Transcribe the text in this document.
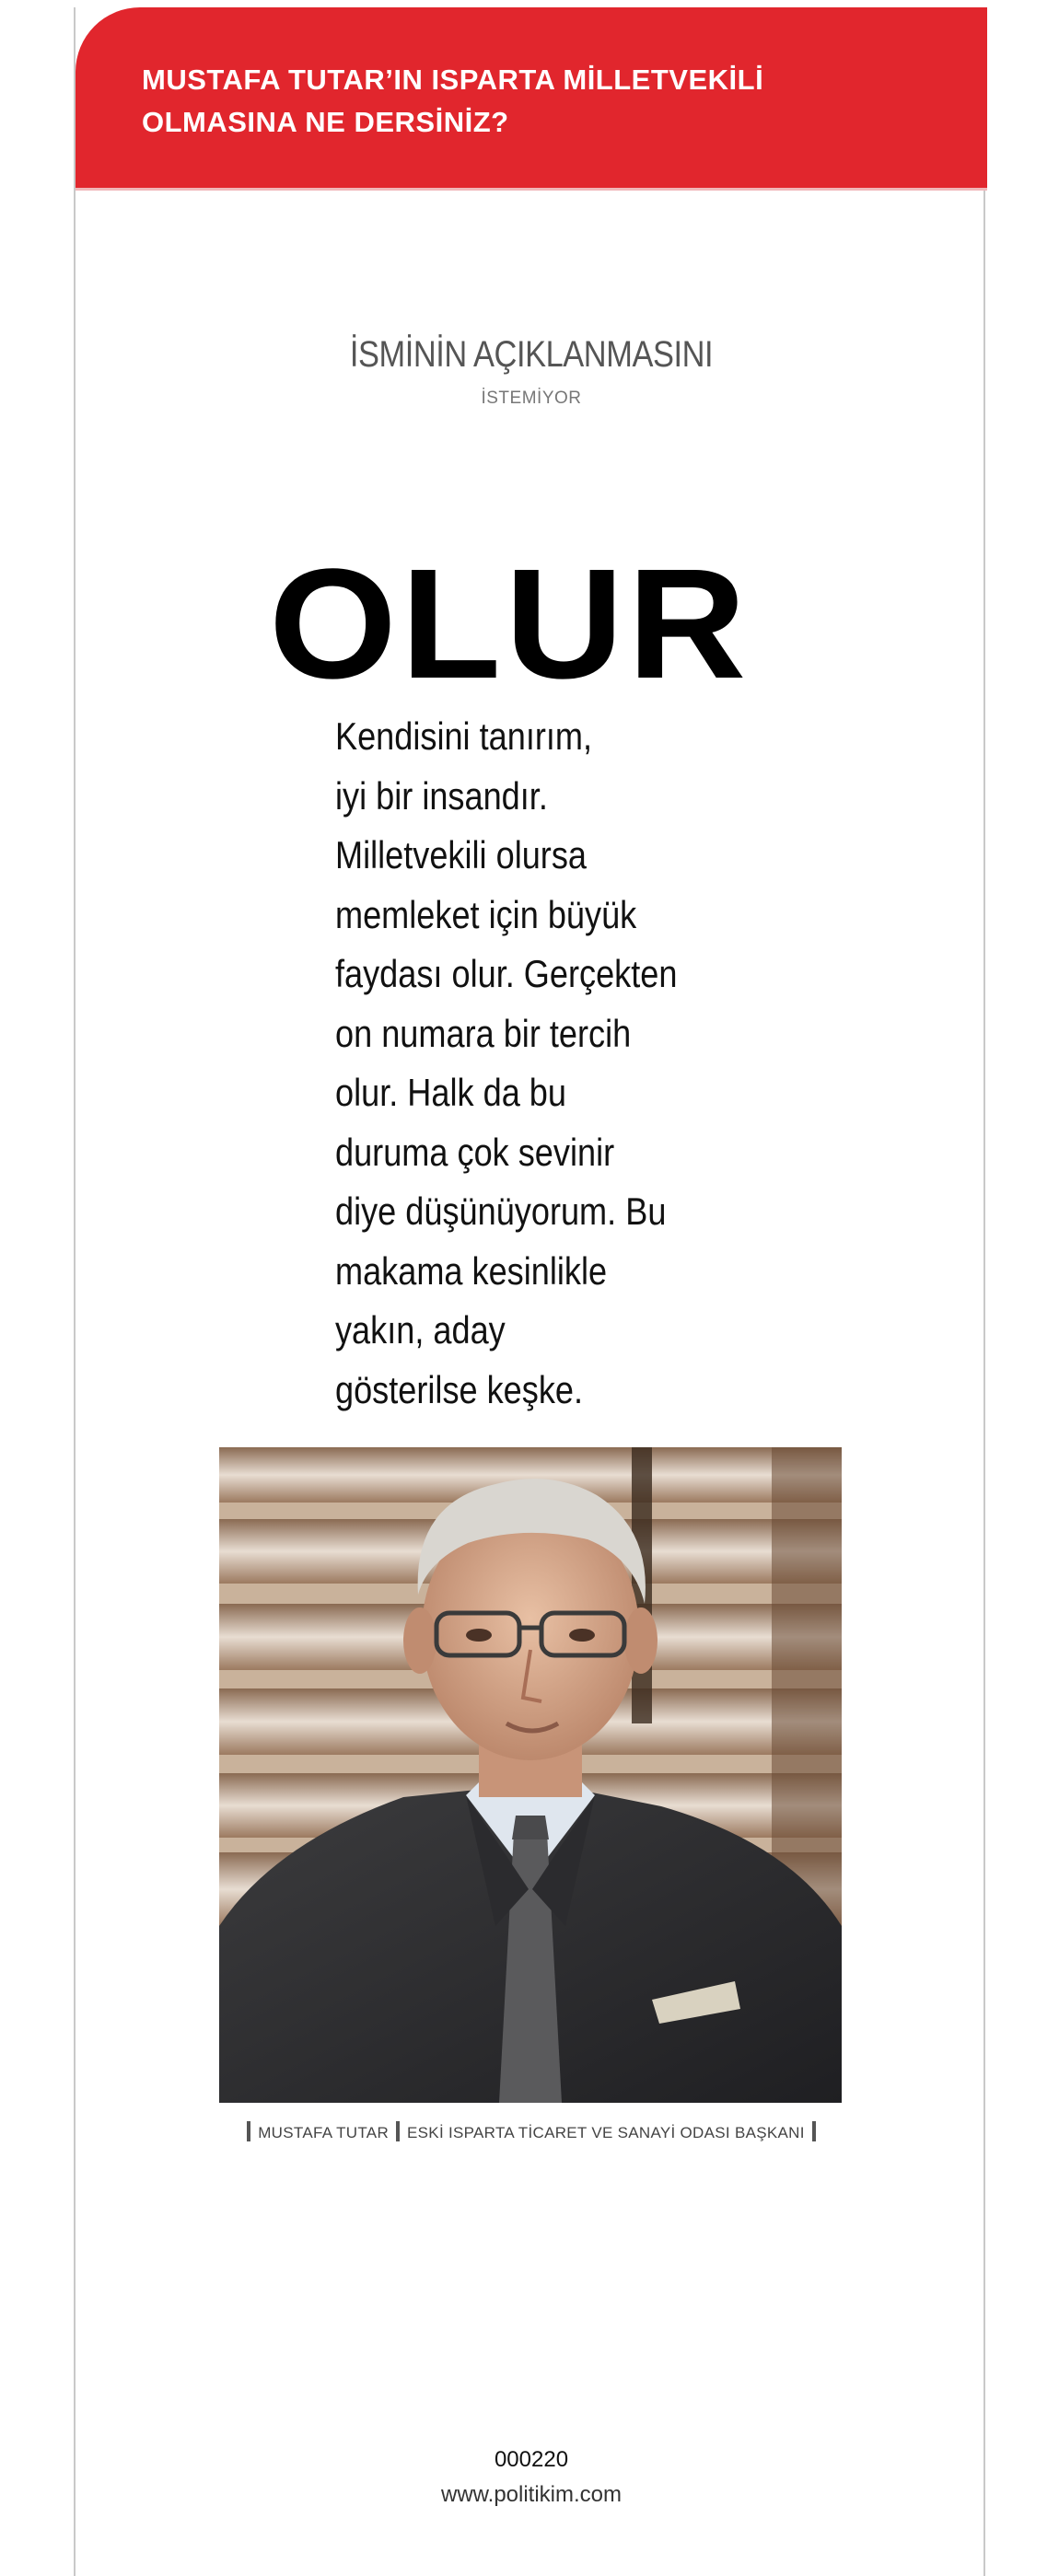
MUSTAFA TUTAR’IN ISPARTA MİLLETVEKİLİ
OLMASINA NE DERSİNİZ?
İSMİNİN AÇIKLANMASINI
İSTEMİYOR
OLUR
Kendisini tanırım,
iyi bir insandır.
Milletvekili olursa
memleket için büyük
faydası olur. Gerçekten
on numara bir tercih
olur. Halk da bu
duruma çok sevinir
diye düşünüyorum. Bu
makama kesinlikle
yakın, aday
gösterilse keşke.
MUSTAFA TUTAR ESKİ ISPARTA TİCARET VE SANAYİ ODASI BAŞKANI
000220
www.politikim.com
